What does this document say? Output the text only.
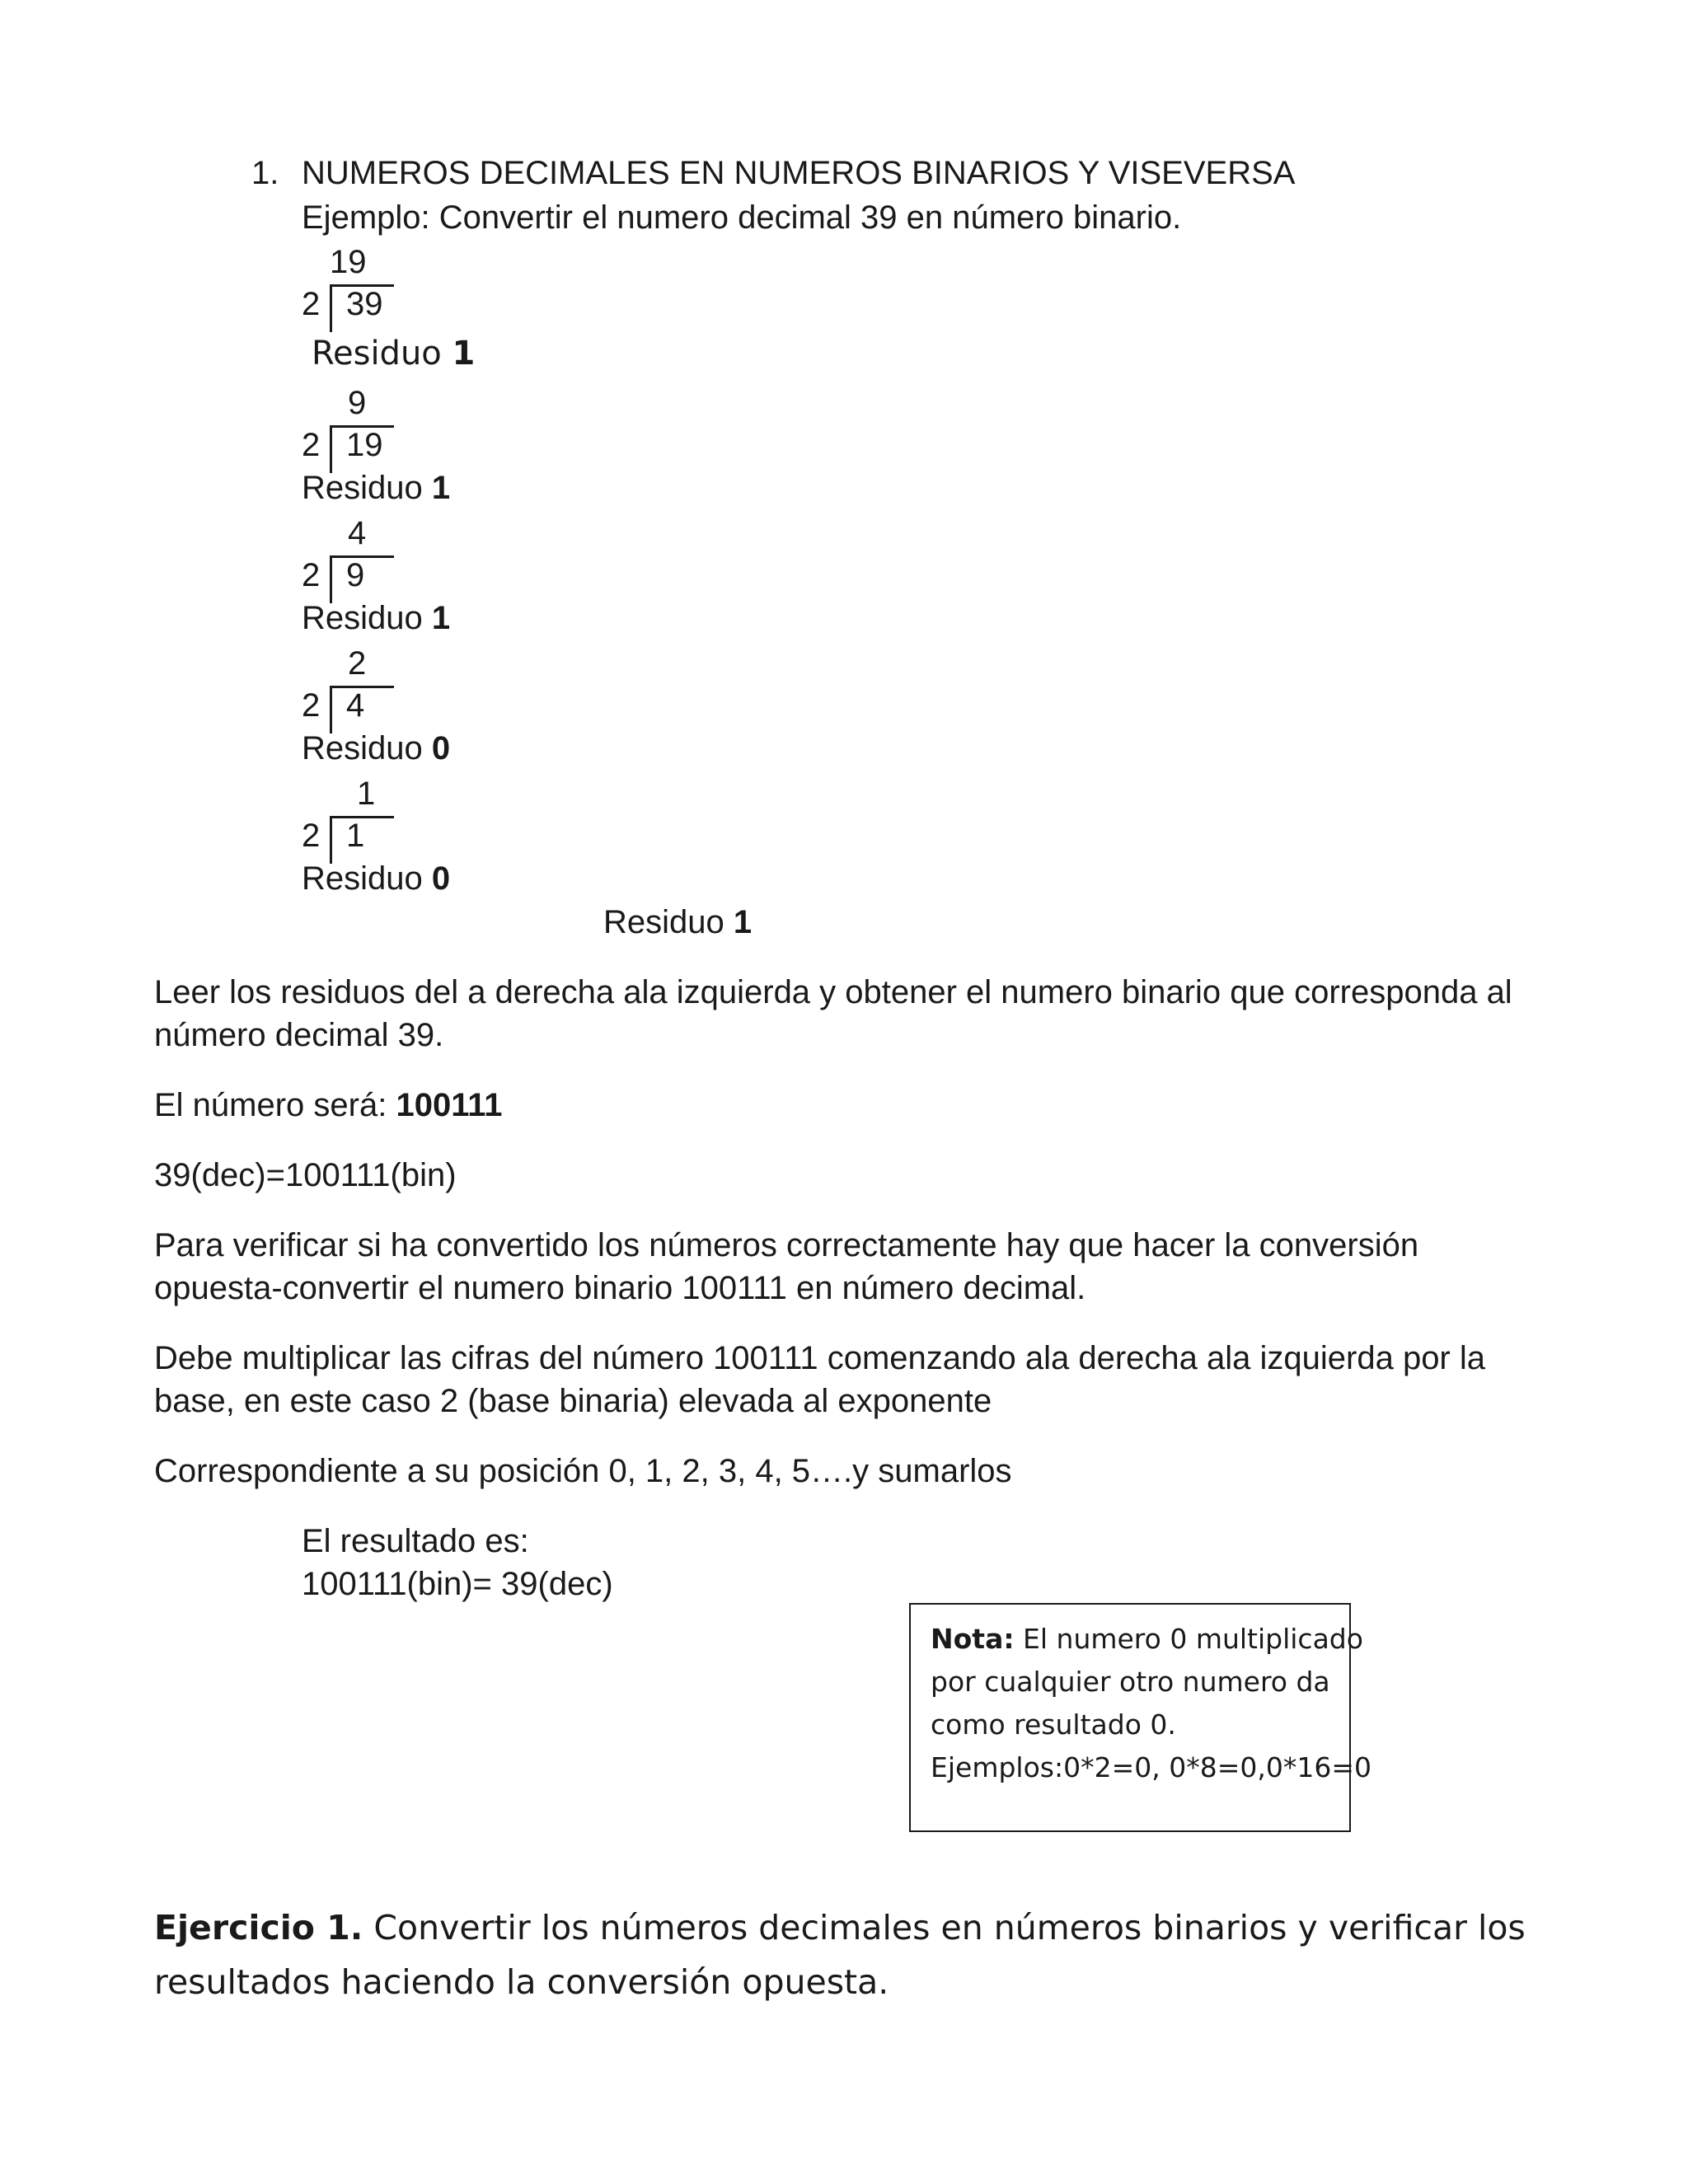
1. NUMEROS DECIMALES EN NUMEROS BINARIOS Y VISEVERSA
Ejemplo: Convertir el numero decimal 39 en número binario.
19
2 39
Residuo 1
9
2 19
Residuo 1
4
2 9
Residuo 1
2
2 4
Residuo 0
1
2 1
Residuo 0
Residuo 1
Leer los residuos del a derecha ala izquierda y obtener el numero binario que corresponda al
número decimal 39.
El número será: 100111
39(dec)=100111(bin)
Para verificar si ha convertido los números correctamente hay que hacer la conversión
opuesta-convertir el numero binario 100111 en número decimal.
Debe multiplicar las cifras del número 100111 comenzando ala derecha ala izquierda por la
base, en este caso 2 (base binaria) elevada al exponente
Correspondiente a su posición 0, 1, 2, 3, 4, 5….y sumarlos
El resultado es:
100111(bin)= 39(dec)
Nota: El numero 0 multiplicado
por cualquier otro numero da
como resultado 0.
Ejemplos:0*2=0, 0*8=0,0*16=0
Ejercicio 1. Convertir los números decimales en números binarios y verificar los
resultados haciendo la conversión opuesta.
